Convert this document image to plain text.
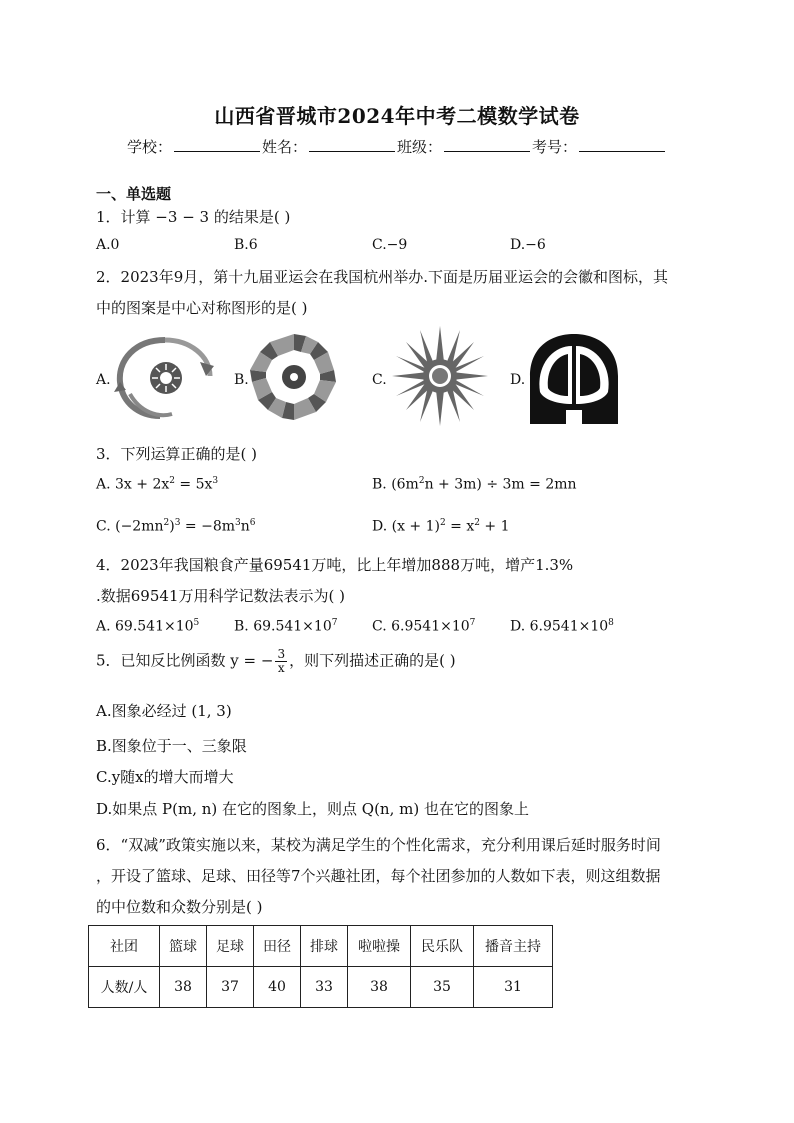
山西省晋城市2024年中考二模数学试卷
学校：	姓名：	班级：	考号：
一、单选题
1．计算 −3 − 3 的结果是( )
A.0	B.6	C.−9	D.−6
2．2023年9月，第十九届亚运会在我国杭州举办.下面是历届亚运会的会徽和图标，其
中的图案是中心对称图形的是( )
A.	B.	C.	D.
3．下列运算正确的是( )
A. $3x + 2x^2 = 5x^3$	B. $(6m^2n + 3m) \div 3m = 2mn$
C. $(-2mn^2)^3 = -8m^3n^6$	D. $(x + 1)^2 = x^2 + 1$
4．2023年我国粮食产量69541万吨，比上年增加888万吨，增产1.3%
.数据69541万用科学记数法表示为( )
A. $69.541\times 10^5$ B. $69.541\times 10^7$ C. $6.9541\times 10^7$ D. $6.9541\times 10^8$
5．已知反比例函数 y = − $\frac{3}{x}$ ，则下列描述正确的是( )
A.图象必经过 (1, 3)
B.图象位于一、三象限
C.y随x的增大而增大
D.如果点 P(m, n) 在它的图象上，则点 Q(n, m) 也在它的图象上
6．“双减”政策实施以来，某校为满足学生的个性化需求，充分利用课后延时服务时间
，开设了篮球、足球、田径等7个兴趣社团，每个社团参加的人数如下表，则这组数据
的中位数和众数分别是( )
社团	篮球	足球	田径	排球	啦啦操	民乐队	播音主持
人数/人	38	37	40	33	38	35	31
